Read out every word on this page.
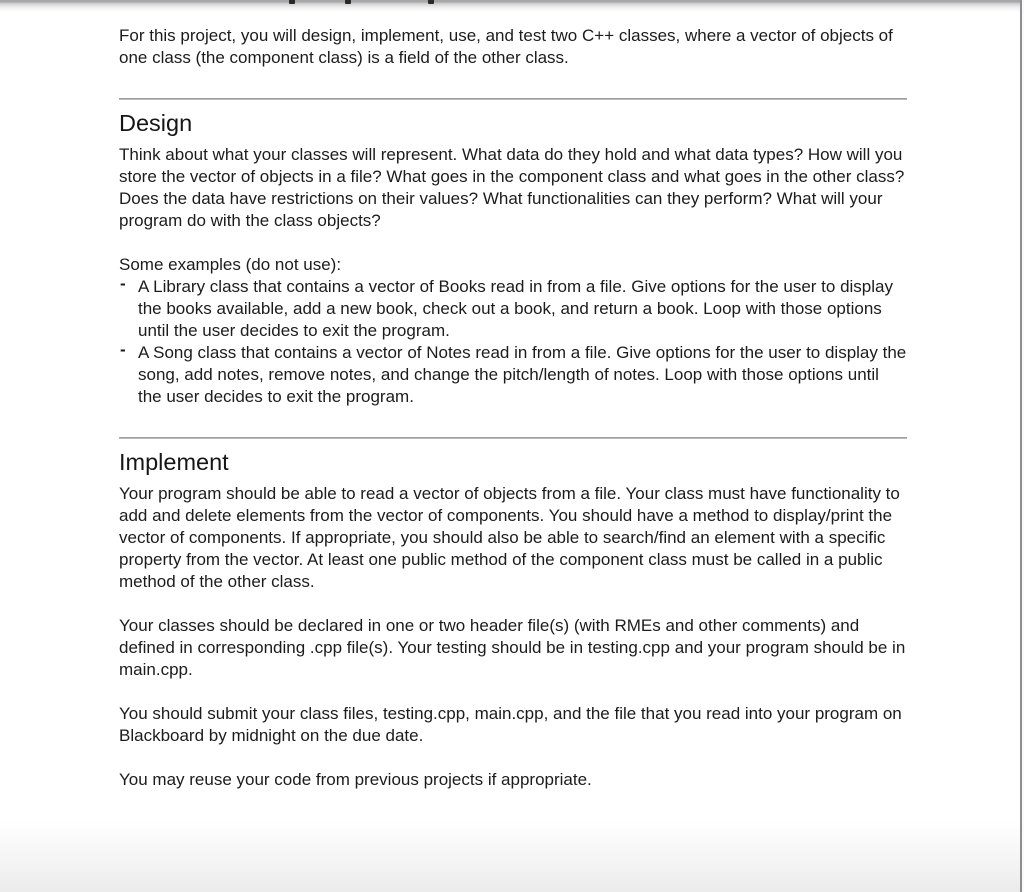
For this project, you will design, implement, use, and test two C++ classes, where a vector of objects of one class (the component class) is a field of the other class.

Design

Think about what your classes will represent. What data do they hold and what data types? How will you store the vector of objects in a file? What goes in the component class and what goes in the other class? Does the data have restrictions on their values? What functionalities can they perform? What will your program do with the class objects?

Some examples (do not use):

- A Library class that contains a vector of Books read in from a file. Give options for the user to display the books available, add a new book, check out a book, and return a book. Loop with those options until the user decides to exit the program.
- A Song class that contains a vector of Notes read in from a file. Give options for the user to display the song, add notes, remove notes, and change the pitch/length of notes. Loop with those options until the user decides to exit the program.
Implement

Your program should be able to read a vector of objects from a file. Your class must have functionality to add and delete elements from the vector of components. You should have a method to display/print the vector of components. If appropriate, you should also be able to search/find an element with a specific property from the vector. At least one public method of the component class must be called in a public method of the other class.

Your classes should be declared in one or two header file(s) (with RMEs and other comments) and defined in corresponding .cpp file(s). Your testing should be in testing.cpp and your program should be in main.cpp.

You should submit your class files, testing.cpp, main.cpp, and the file that you read into your program on Blackboard by midnight on the due date.

You may reuse your code from previous projects if appropriate.
